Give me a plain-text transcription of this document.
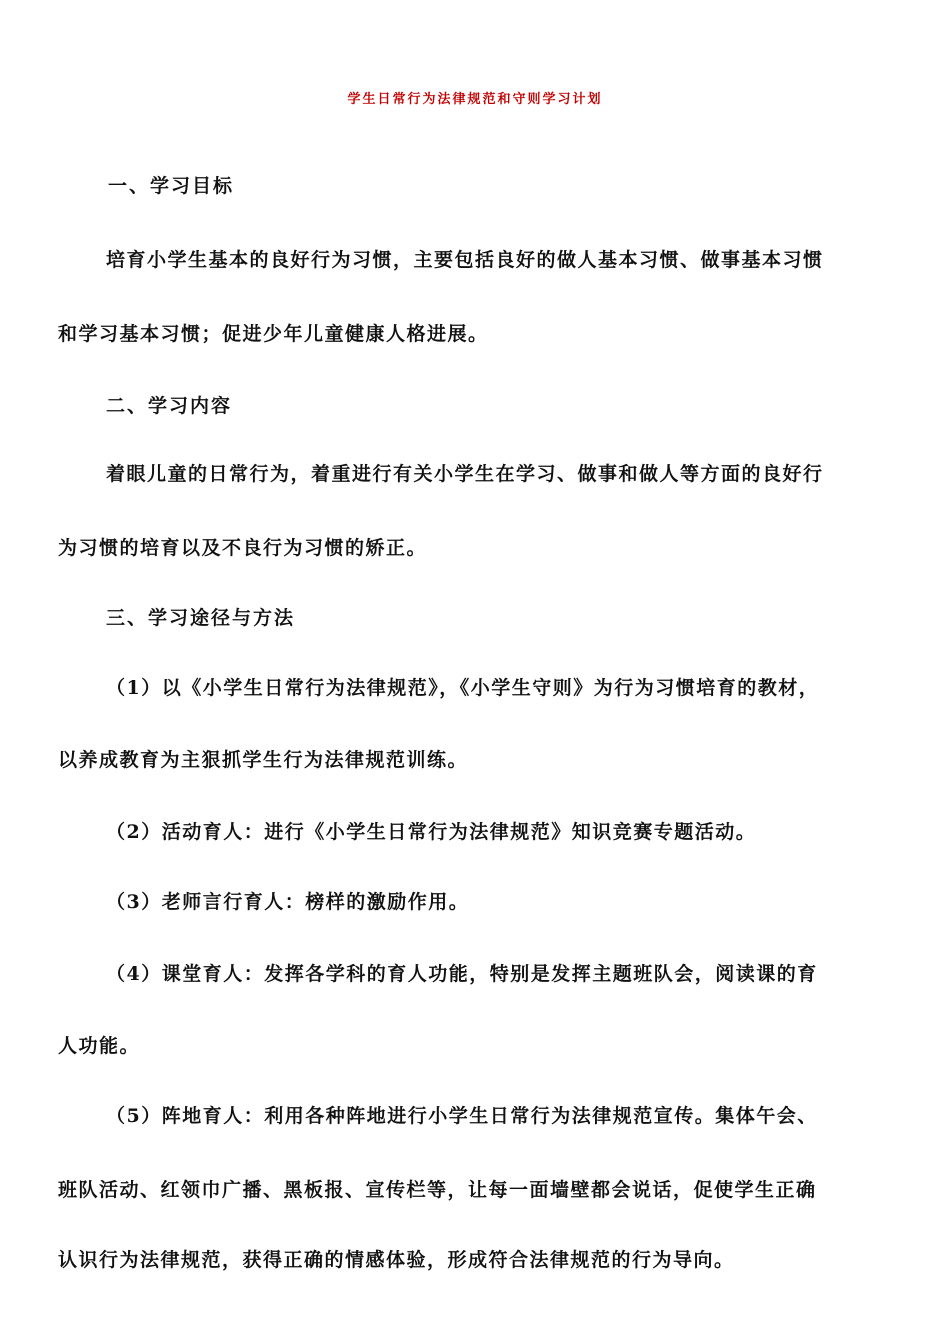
学生日常行为法律规范和守则学习计划
一、学习目标
培育小学生基本的良好行为习惯，主要包括良好的做人基本习惯、做事基本习惯
和学习基本习惯；促进少年儿童健康人格进展。
二、学习内容
着眼儿童的日常行为，着重进行有关小学生在学习、做事和做人等方面的良好行
为习惯的培育以及不良行为习惯的矫正。
三、学习途径与方法
（1）以《小学生日常行为法律规范》，《小学生守则》为行为习惯培育的教材，
以养成教育为主狠抓学生行为法律规范训练。
（2）活动育人：进行《小学生日常行为法律规范》知识竞赛专题活动。
（3）老师言行育人：榜样的激励作用。
（4）课堂育人：发挥各学科的育人功能，特别是发挥主题班队会，阅读课的育
人功能。
（5）阵地育人：利用各种阵地进行小学生日常行为法律规范宣传。集体午会、
班队活动、红领巾广播、黑板报、宣传栏等，让每一面墙壁都会说话，促使学生正确
认识行为法律规范，获得正确的情感体验，形成符合法律规范的行为导向。
